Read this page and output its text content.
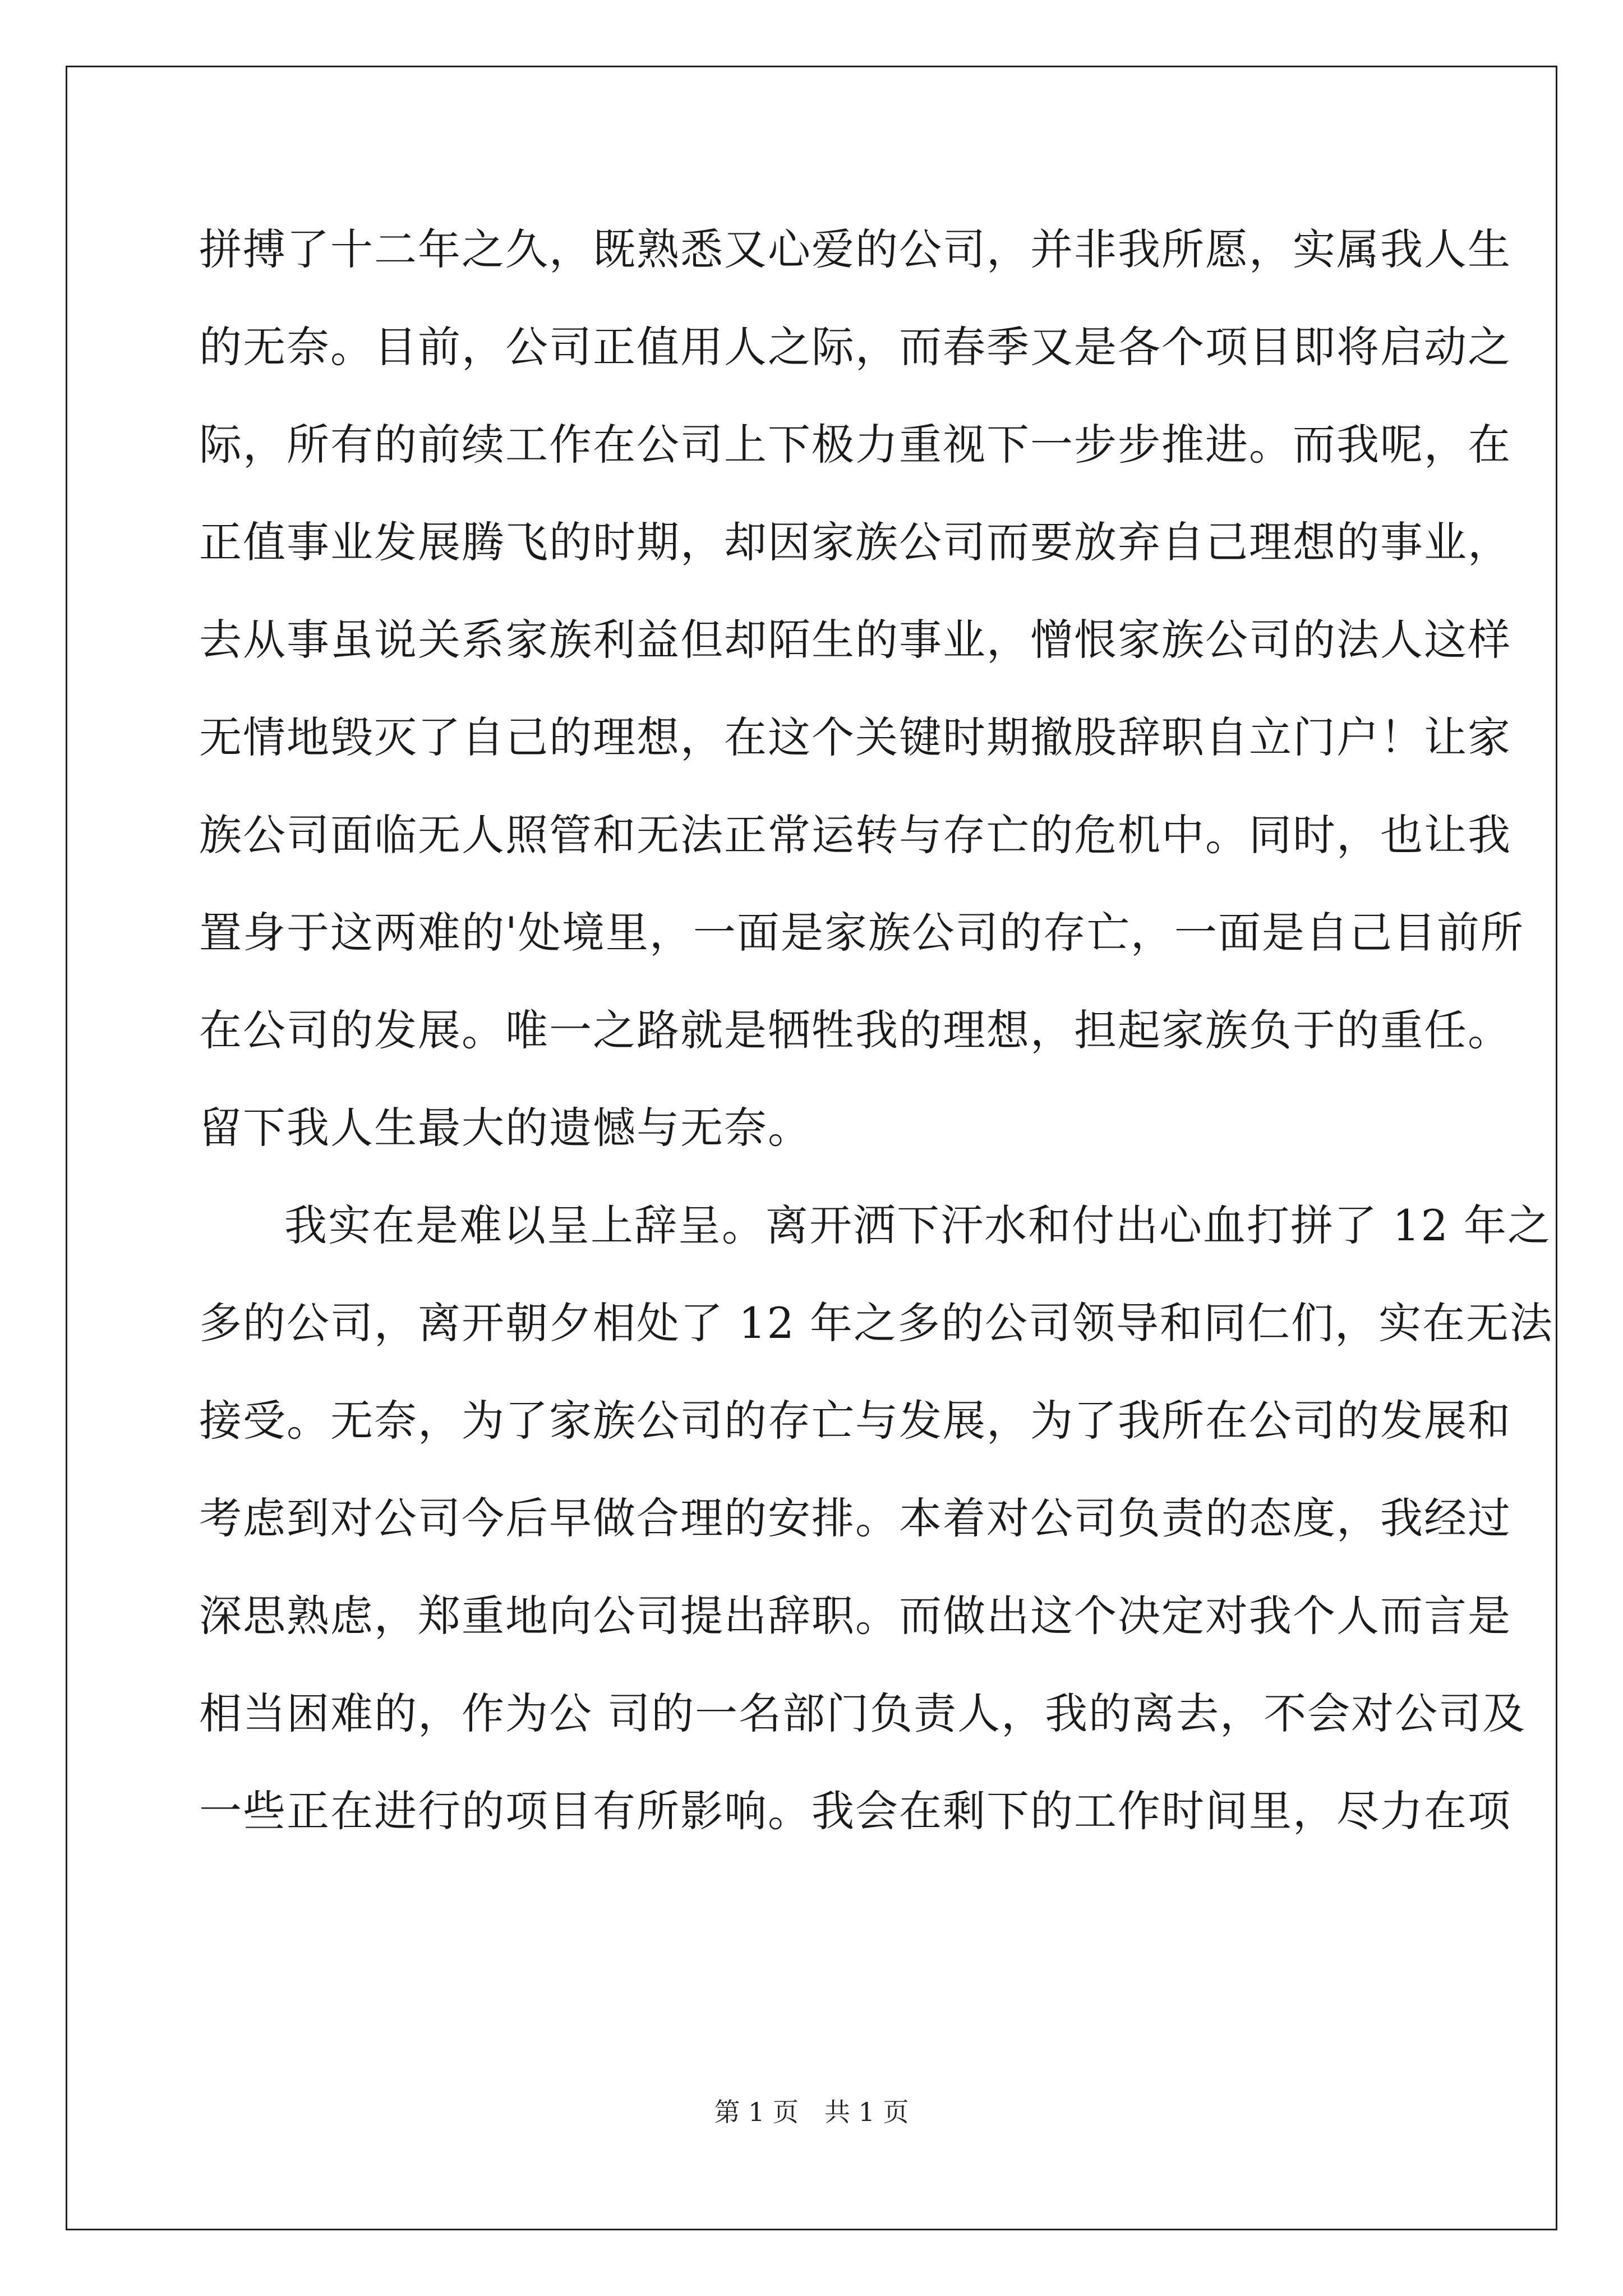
拼搏了十二年之久，既熟悉又心爱的公司，并非我所愿，实属我人生
的无奈。目前，公司正值用人之际，而春季又是各个项目即将启动之
际，所有的前续工作在公司上下极力重视下一步步推进。而我呢，在
正值事业发展腾飞的时期，却因家族公司而要放弃自己理想的事业，
去从事虽说关系家族利益但却陌生的事业，憎恨家族公司的法人这样
无情地毁灭了自己的理想，在这个关键时期撤股辞职自立门户！让家
族公司面临无人照管和无法正常运转与存亡的危机中。同时，也让我
置身于这两难的'处境里，一面是家族公司的存亡，一面是自己目前所
在公司的发展。唯一之路就是牺牲我的理想，担起家族负于的重任。
留下我人生最大的遗憾与无奈。
我实在是难以呈上辞呈。离开洒下汗水和付出心血打拼了 12 年之
多的公司，离开朝夕相处了 12 年之多的公司领导和同仁们，实在无法
接受。无奈，为了家族公司的存亡与发展，为了我所在公司的发展和
考虑到对公司今后早做合理的安排。本着对公司负责的态度，我经过
深思熟虑，郑重地向公司提出辞职。而做出这个决定对我个人而言是
相当困难的，作为公 司的一名部门负责人，我的离去，不会对公司及
一些正在进行的项目有所影响。我会在剩下的工作时间里，尽力在项
第 1 页　共 1 页
